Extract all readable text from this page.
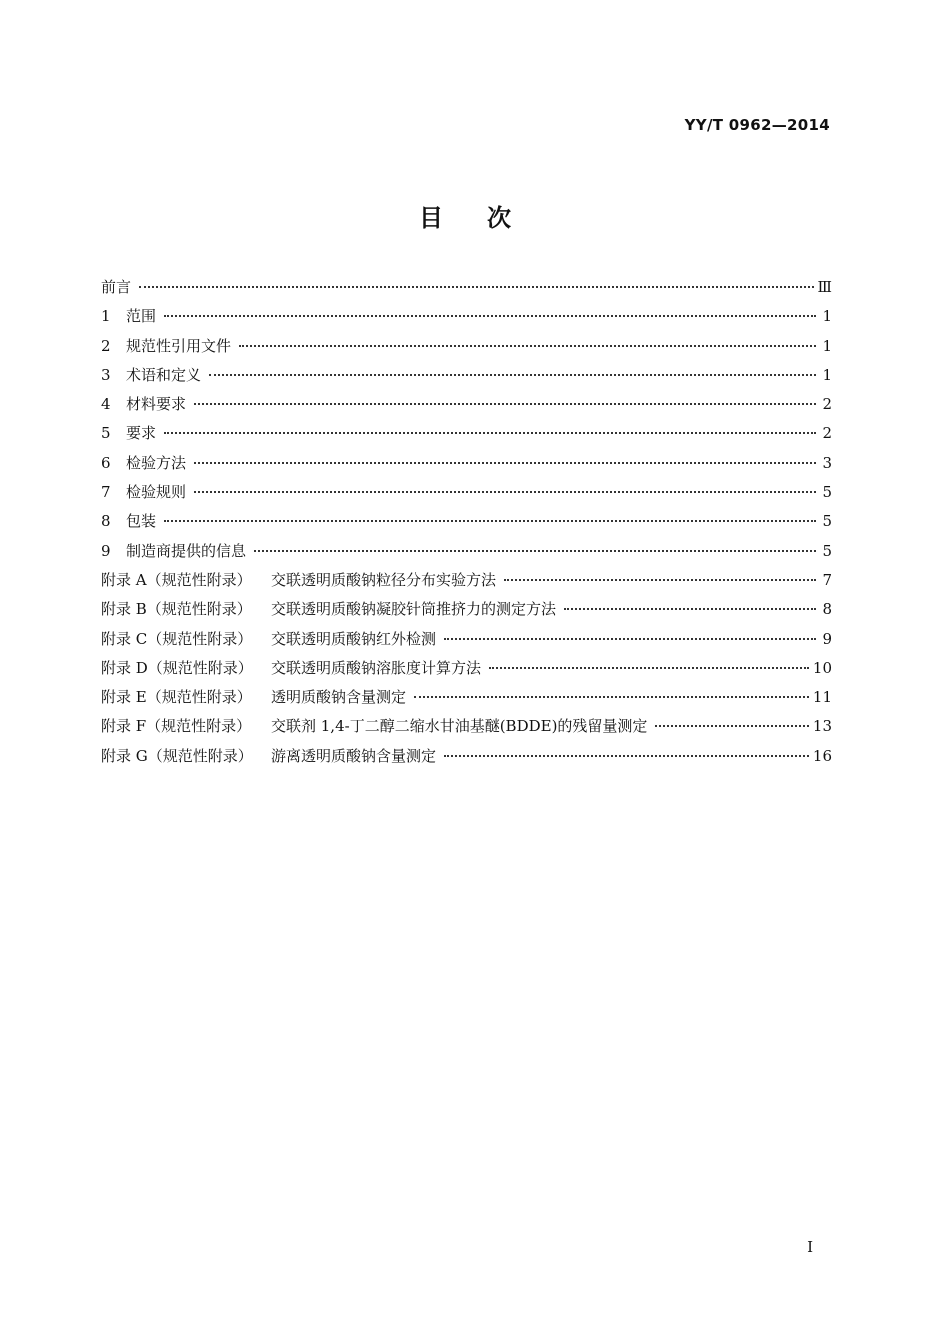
YY/T 0962—2014
目次
前言	Ⅲ
1 范围	1
2 规范性引用文件	1
3 术语和定义	1
4 材料要求	2
5 要求	2
6 检验方法	3
7 检验规则	5
8 包装	5
9 制造商提供的信息	5
附录 A（规范性附录） 交联透明质酸钠粒径分布实验方法	7
附录 B（规范性附录） 交联透明质酸钠凝胶针筒推挤力的测定方法	8
附录 C（规范性附录） 交联透明质酸钠红外检测	9
附录 D（规范性附录） 交联透明质酸钠溶胀度计算方法	10
附录 E（规范性附录） 透明质酸钠含量测定	11
附录 F（规范性附录） 交联剂 1,4-丁二醇二缩水甘油基醚(BDDE)的残留量测定	13
附录 G（规范性附录） 游离透明质酸钠含量测定	16
I
